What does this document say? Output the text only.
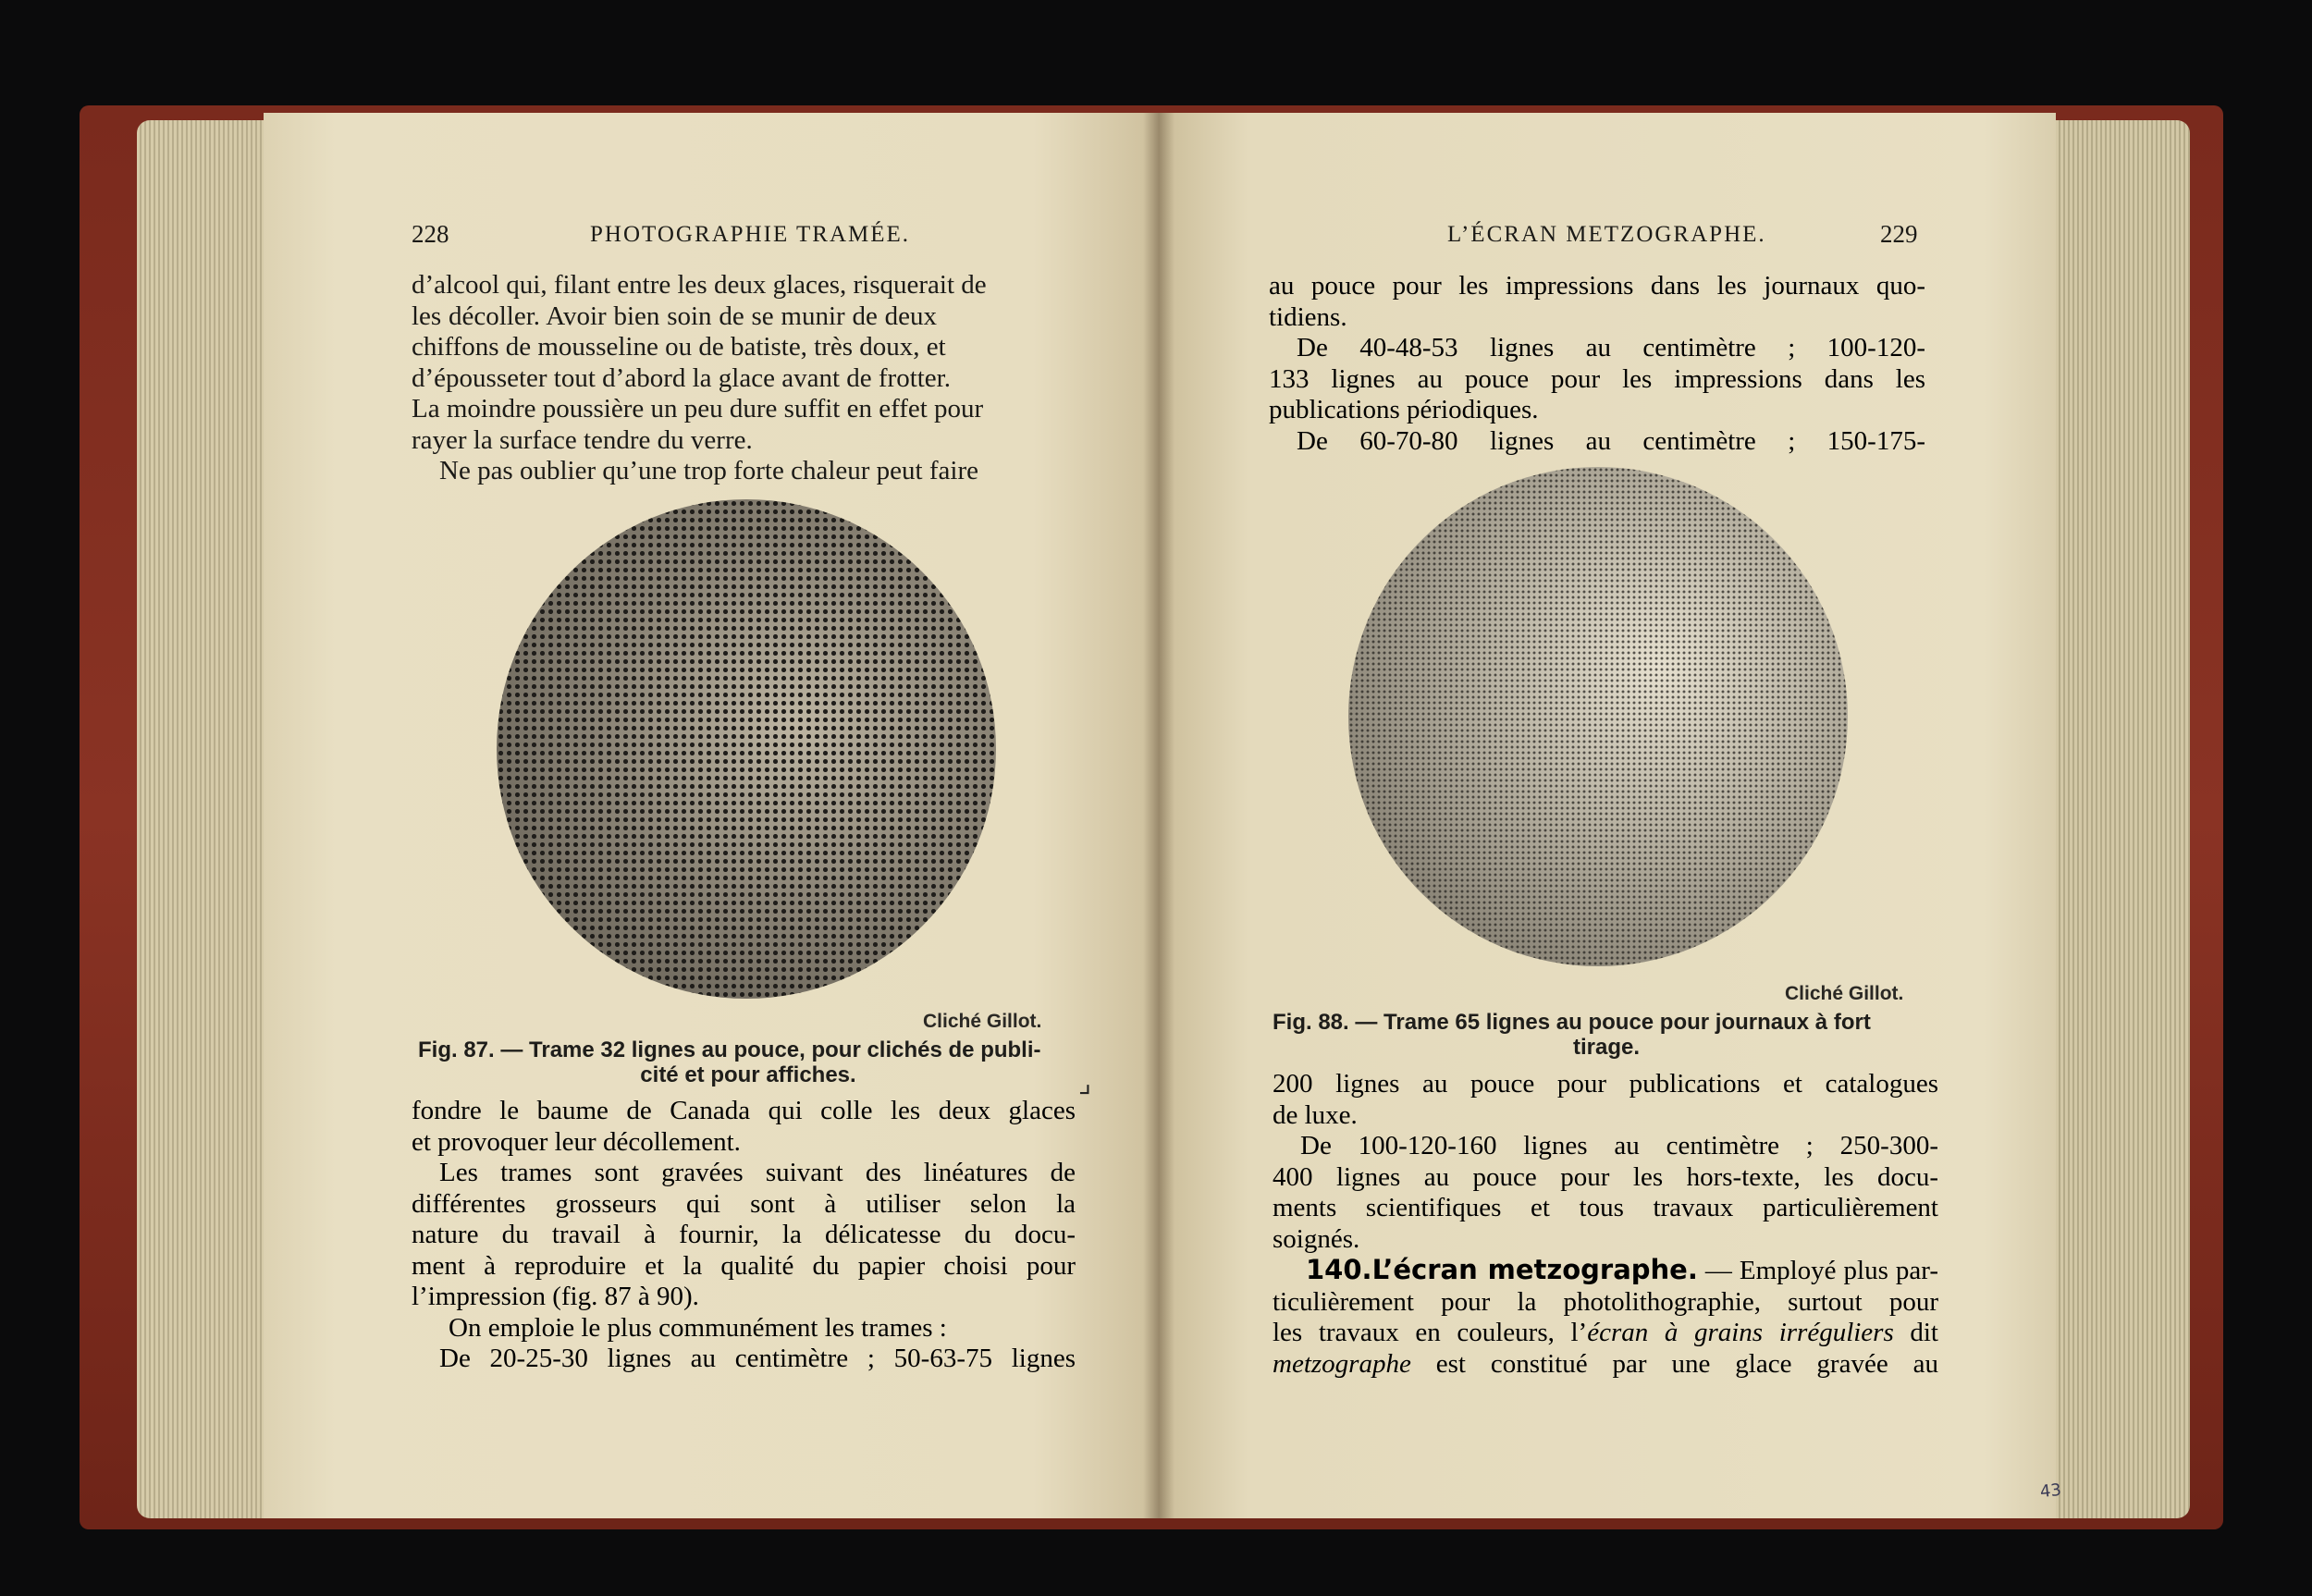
228	PHOTOGRAPHIE TRAMÉE.
d’alcool qui, filant entre les deux glaces, risquerait de
les décoller. Avoir bien soin de se munir de deux
chiffons de mousseline ou de batiste, très doux, et
d’épousseter tout d’abord la glace avant de frotter.
La moindre poussière un peu dure suffit en effet pour
rayer la surface tendre du verre.
Ne pas oublier qu’une trop forte chaleur peut faire
Cliché Gillot.
Fig. 87. — Trame 32 lignes au pouce, pour clichés de publi-
cité et pour affiches.	⌟
fondre le baume de Canada qui colle les deux glaces
et provoquer leur décollement.
Les trames sont gravées suivant des linéatures de
différentes grosseurs qui sont à utiliser selon la
nature du travail à fournir, la délicatesse du docu-
ment à reproduire et la qualité du papier choisi pour
l’impression (fig. 87 à 90).
On emploie le plus communément les trames :
De 20-25-30 lignes au centimètre ; 50-63-75 lignes
L’ÉCRAN METZOGRAPHE.	229
au pouce pour les impressions dans les journaux quo-
tidiens.
De 40-48-53 lignes au centimètre ; 100-120-
133 lignes au pouce pour les impressions dans les
publications périodiques.
De 60-70-80 lignes au centimètre ; 150-175-
Cliché Gillot.
Fig. 88. — Trame 65 lignes au pouce pour journaux à fort
tirage.
200 lignes au pouce pour publications et catalogues
de luxe.
De 100-120-160 lignes au centimètre ; 250-300-
400 lignes au pouce pour les hors-texte, les docu-
ments scientifiques et tous travaux particulièrement
soignés.
140.L’écran metzographe. — Employé plus par-
ticulièrement pour la photolithographie, surtout pour
les travaux en couleurs, l’écran à grains irréguliers dit
metzographe est constitué par une glace gravée au
43
